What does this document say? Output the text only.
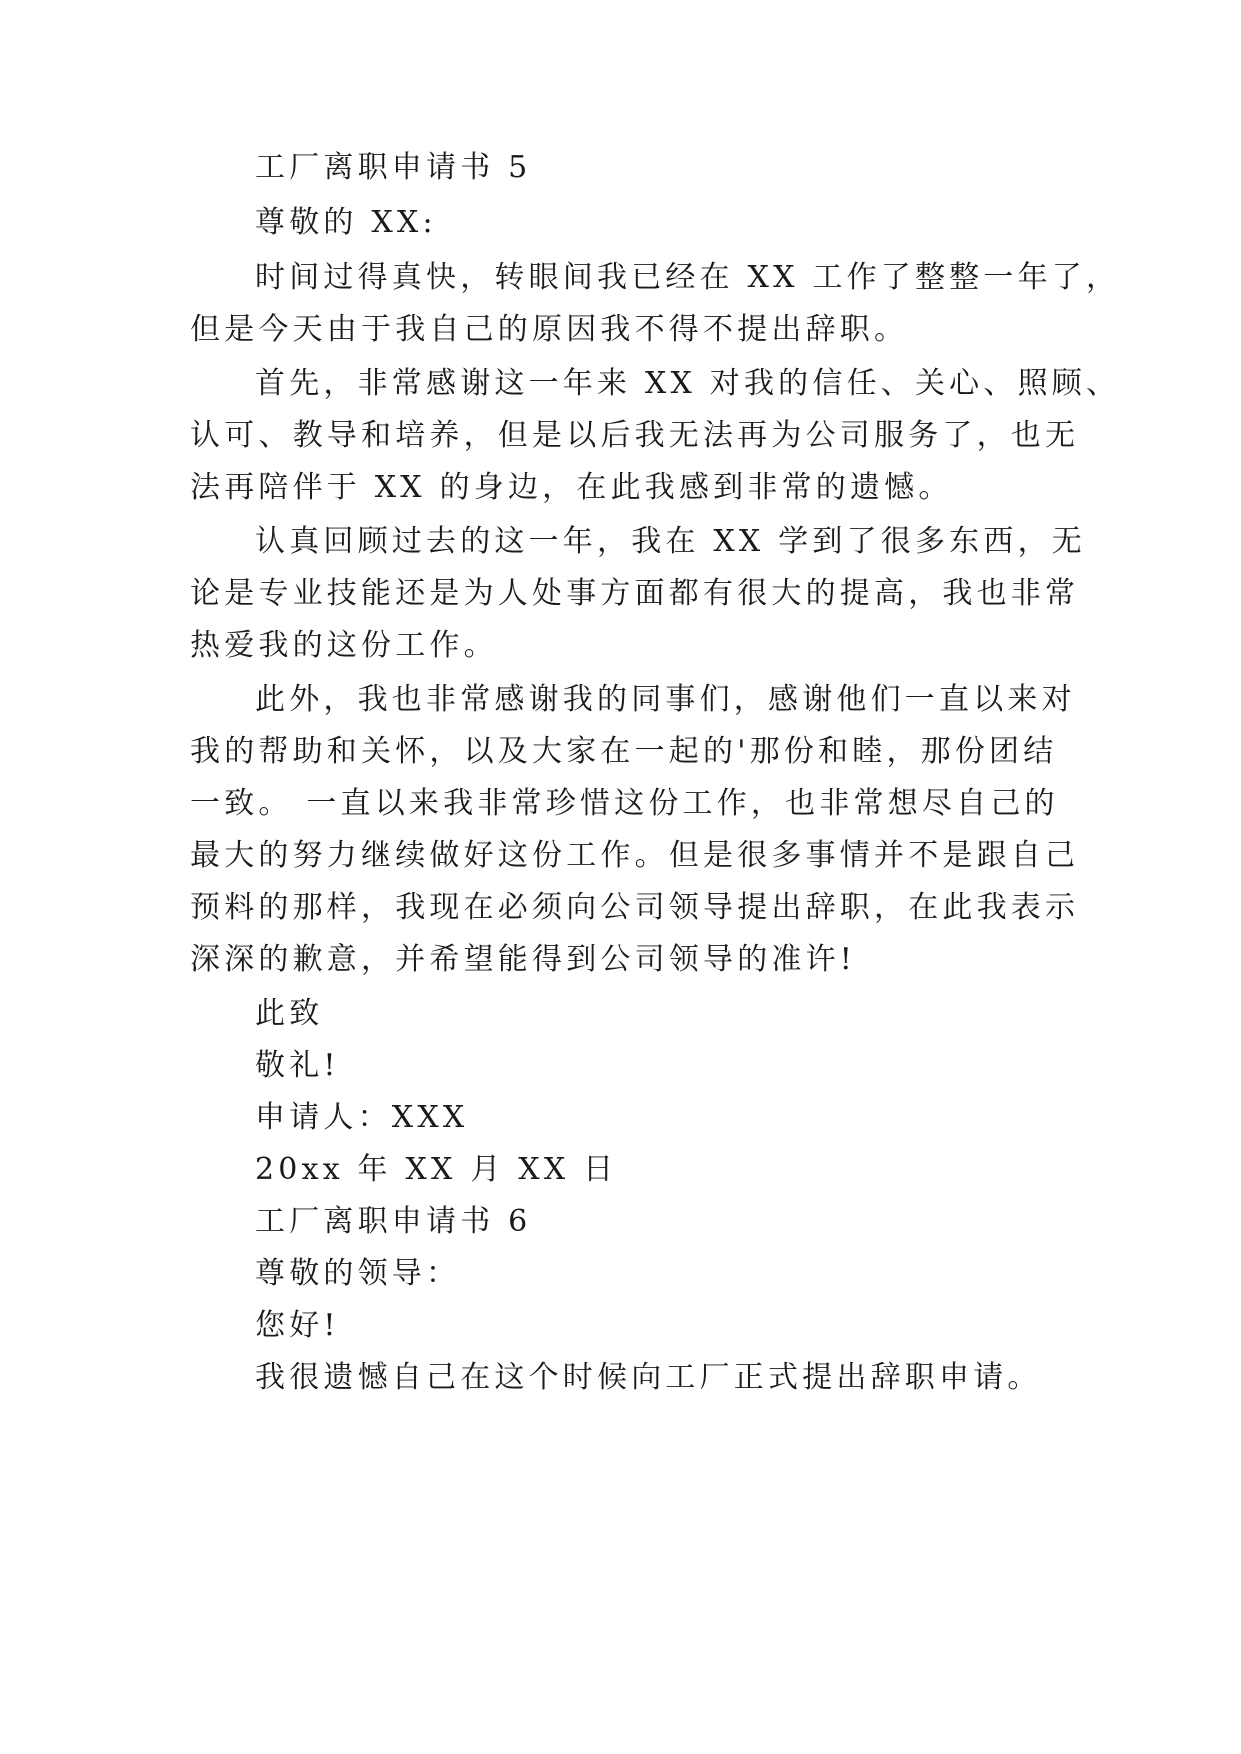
工厂离职申请书 5
尊敬的 XX:
时间过得真快，转眼间我已经在 XX 工作了整整一年了，
但是今天由于我自己的原因我不得不提出辞职。
首先，非常感谢这一年来 XX 对我的信任、关心、照顾、
认可、教导和培养，但是以后我无法再为公司服务了，也无
法再陪伴于 XX 的身边，在此我感到非常的遗憾。
认真回顾过去的这一年，我在 XX 学到了很多东西，无
论是专业技能还是为人处事方面都有很大的提高，我也非常
热爱我的这份工作。
此外，我也非常感谢我的同事们，感谢他们一直以来对
我的帮助和关怀，以及大家在一起的'那份和睦，那份团结
一致。 一直以来我非常珍惜这份工作，也非常想尽自己的
最大的努力继续做好这份工作。但是很多事情并不是跟自己
预料的那样，我现在必须向公司领导提出辞职，在此我表示
深深的歉意，并希望能得到公司领导的准许!
此致
敬礼!
申请人：XXX
20xx 年 XX 月 XX 日
工厂离职申请书 6
尊敬的领导：
您好!
我很遗憾自己在这个时候向工厂正式提出辞职申请。
